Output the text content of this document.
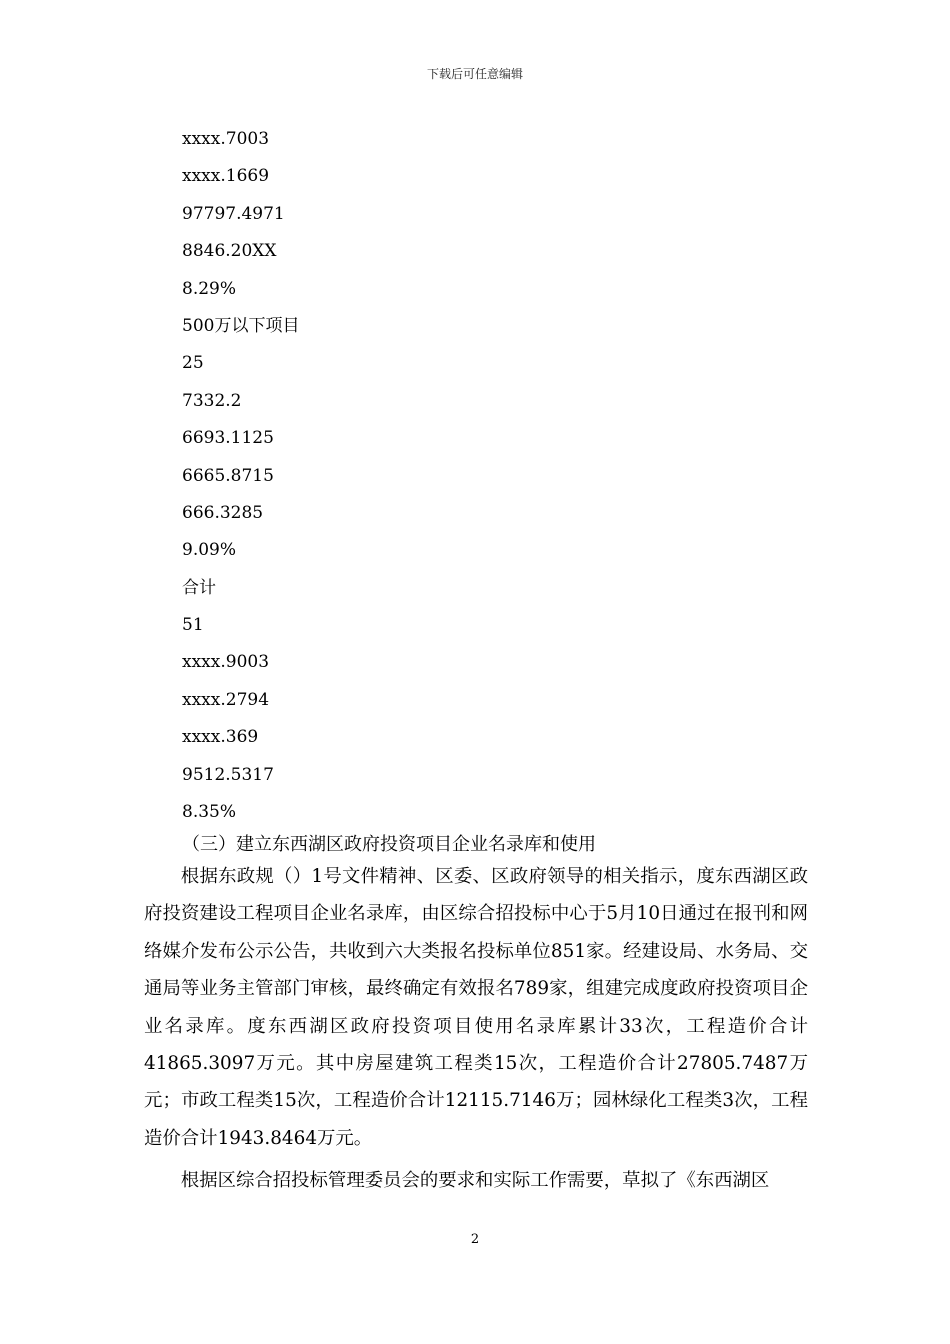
下载后可任意编辑
xxxx.7003
xxxx.1669
97797.4971
8846.20XX
8.29%
500万以下项目
25
7332.2
6693.1125
6665.8715
666.3285
9.09%
合计
51
xxxx.9003
xxxx.2794
xxxx.369
9512.5317
8.35%
（三）建立东西湖区政府投资项目企业名录库和使用

根据东政规（）1号文件精神、区委、区政府领导的相关指示，度东西湖区政府投资建设工程项目企业名录库，由区综合招投标中心于5月10日通过在报刊和网络媒介发布公示公告，共收到六大类报名投标单位851家。经建设局、水务局、交通局等业务主管部门审核，最终确定有效报名789家，组建完成度政府投资项目企业名录库。度东西湖区政府投资项目使用名录库累计33次，工程造价合计41865.3097万元。其中房屋建筑工程类15次，工程造价合计27805.7487万元；市政工程类15次，工程造价合计12115.7146万；园林绿化工程类3次，工程造价合计1943.8464万元。

根据区综合招投标管理委员会的要求和实际工作需要，草拟了《东西湖区

2
